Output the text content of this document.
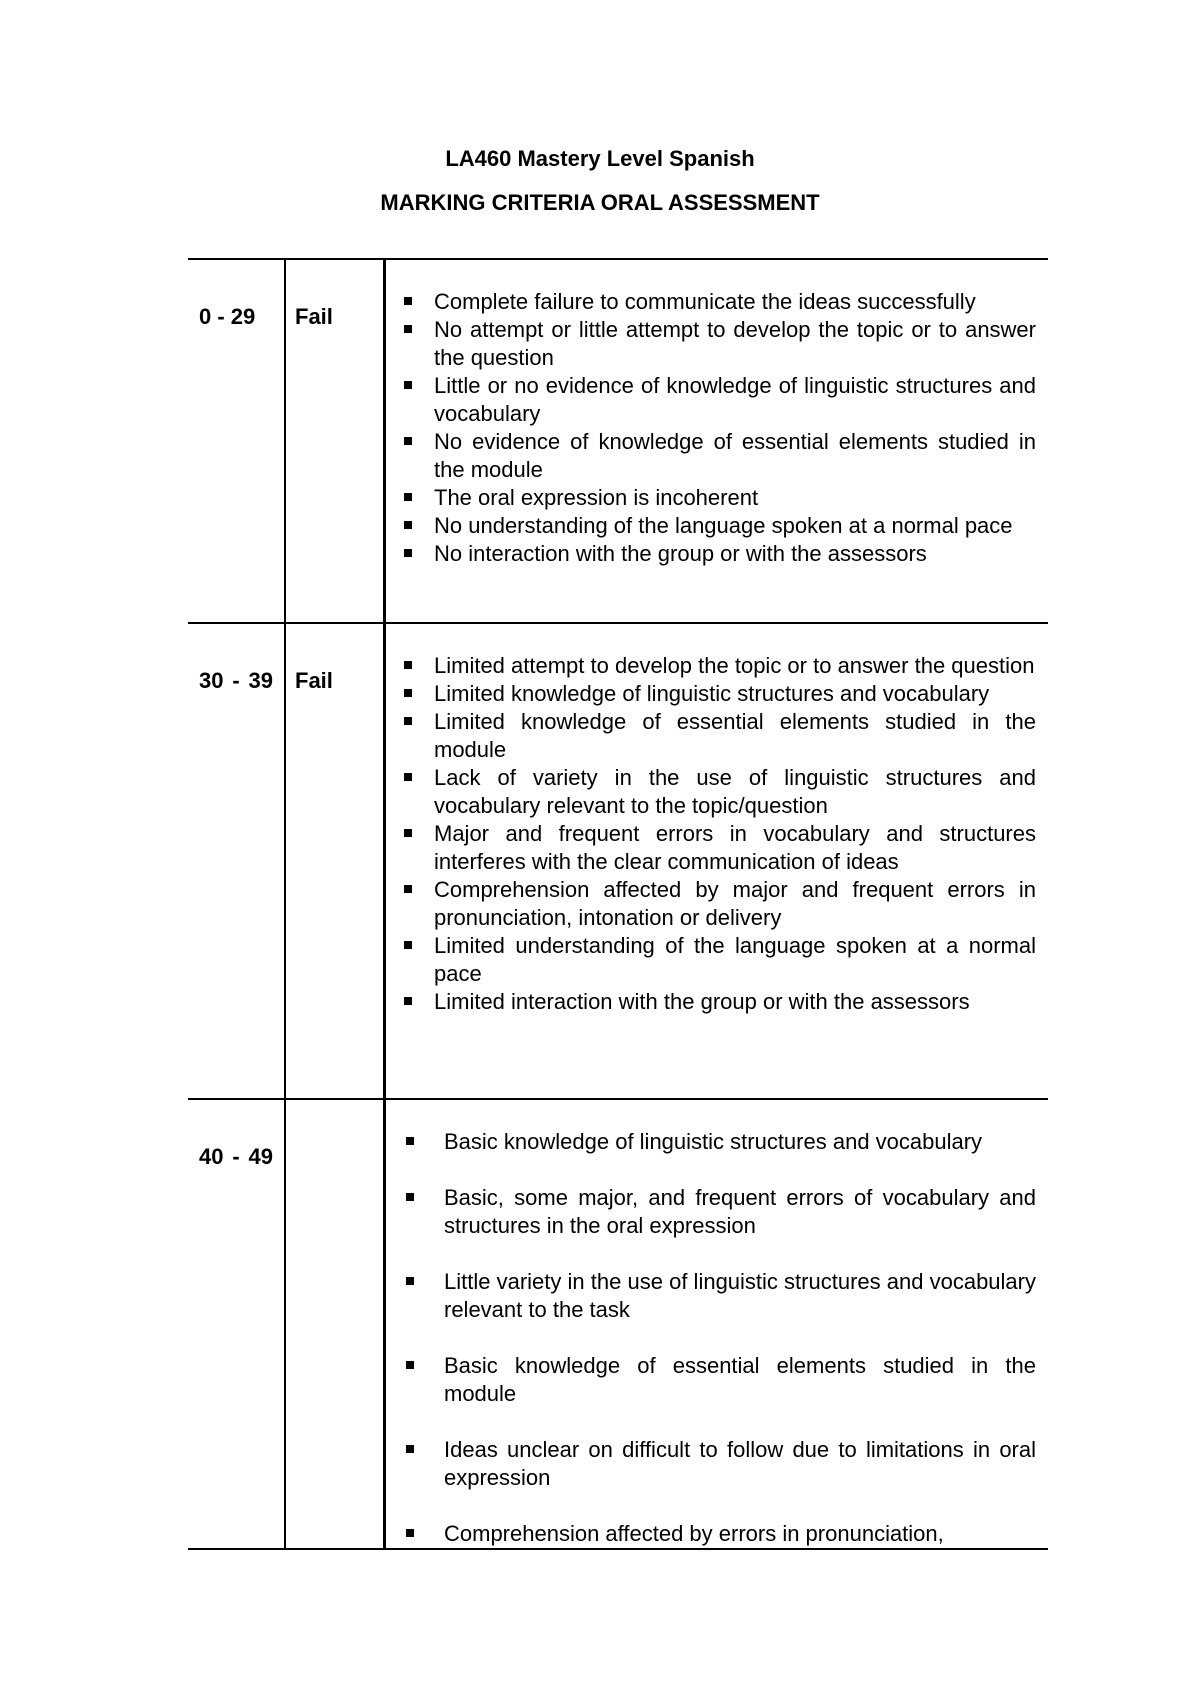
LA460 Mastery Level Spanish
MARKING CRITERIA ORAL ASSESSMENT
0 - 29	Fail
Complete failure to communicate the ideas successfully
No attempt or little attempt to develop the topic or to answer the question
Little or no evidence of knowledge of linguistic structures and vocabulary
No evidence of knowledge of essential elements studied in the module
The oral expression is incoherent
No understanding of the language spoken at a normal pace
No interaction with the group or with the assessors
30 - 39 Fail
Limited attempt to develop the topic or to answer the question
Limited knowledge of linguistic structures and vocabulary
Limited knowledge of essential elements studied in the module
Lack of variety in the use of linguistic structures and vocabulary relevant to the topic/question
Major and frequent errors in vocabulary and structures interferes with the clear communication of ideas
Comprehension affected by major and frequent errors in pronunciation, intonation or delivery
Limited understanding of the language spoken at a normal pace
Limited interaction with the group or with the assessors
40 - 49
Basic knowledge of linguistic structures and vocabulary
Basic, some major, and frequent errors of vocabulary and structures in the oral expression
Little variety in the use of linguistic structures and vocabulary relevant to the task
Basic knowledge of essential elements studied in the module
Ideas unclear on difficult to follow due to limitations in oral expression
Comprehension affected by errors in pronunciation,
